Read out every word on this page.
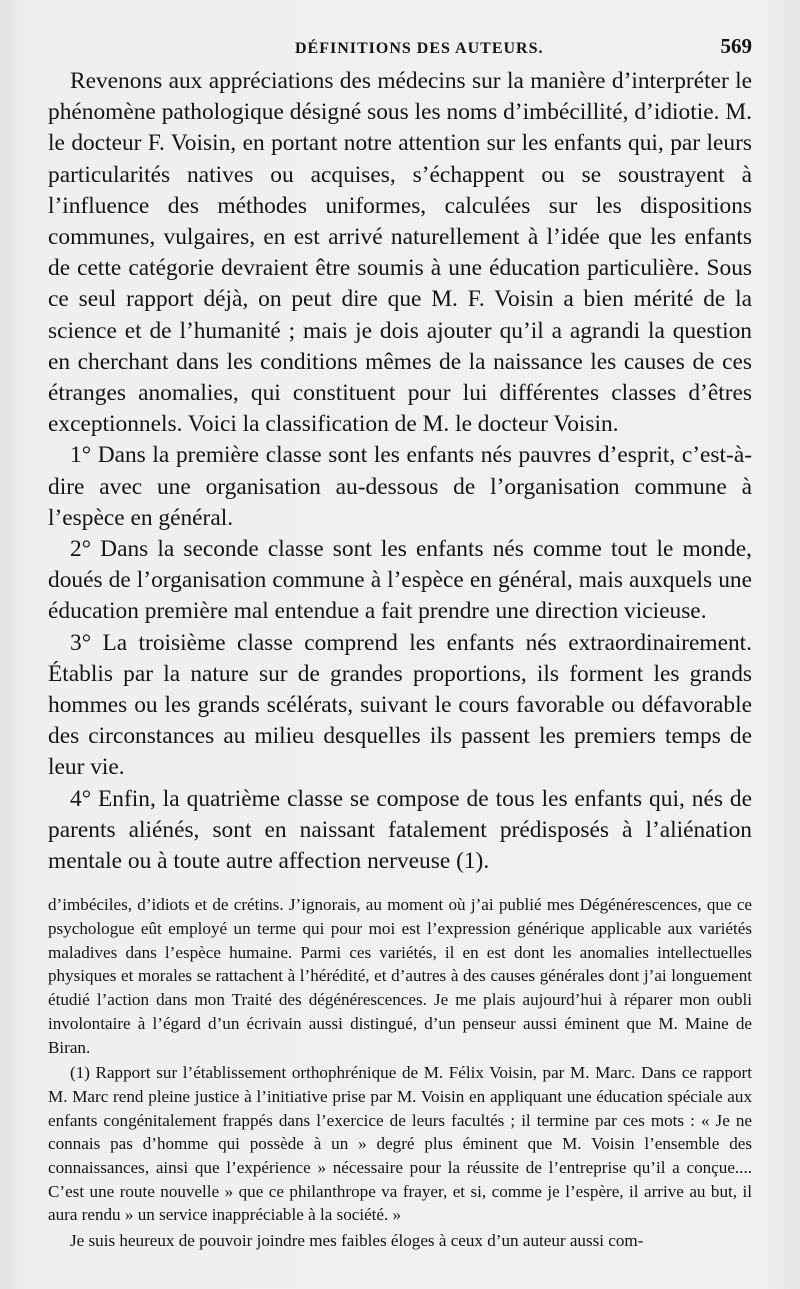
DÉFINITIONS DES AUTEURS.	569

Revenons aux appréciations des médecins sur la manière d’interpréter le phénomène pathologique désigné sous les noms d’imbécillité, d’idiotie. M. le docteur F. Voisin, en portant notre attention sur les enfants qui, par leurs particularités natives ou acquises, s’échappent ou se soustrayent à l’influence des méthodes uniformes, calculées sur les dispositions communes, vulgaires, en est arrivé naturellement à l’idée que les enfants de cette catégorie devraient être soumis à une éducation particulière. Sous ce seul rapport déjà, on peut dire que M. F. Voisin a bien mérité de la science et de l’humanité ; mais je dois ajouter qu’il a agrandi la question en cherchant dans les conditions mêmes de la naissance les causes de ces étranges anomalies, qui constituent pour lui différentes classes d’êtres exceptionnels. Voici la classification de M. le docteur Voisin.

1° Dans la première classe sont les enfants nés pauvres d’esprit, c’est-à-dire avec une organisation au-dessous de l’organisation commune à l’espèce en général.

2° Dans la seconde classe sont les enfants nés comme tout le monde, doués de l’organisation commune à l’espèce en général, mais auxquels une éducation première mal entendue a fait prendre une direction vicieuse.

3° La troisième classe comprend les enfants nés extraordinairement. Établis par la nature sur de grandes proportions, ils forment les grands hommes ou les grands scélérats, suivant le cours favorable ou défavorable des circonstances au milieu desquelles ils passent les premiers temps de leur vie.

4° Enfin, la quatrième classe se compose de tous les enfants qui, nés de parents aliénés, sont en naissant fatalement prédisposés à l’aliénation mentale ou à toute autre affection nerveuse (1).

d’imbéciles, d’idiots et de crétins. J’ignorais, au moment où j’ai publié mes Dégénérescences, que ce psychologue eût employé un terme qui pour moi est l’expression générique applicable aux variétés maladives dans l’espèce humaine. Parmi ces variétés, il en est dont les anomalies intellectuelles physiques et morales se rattachent à l’hérédité, et d’autres à des causes générales dont j’ai longuement étudié l’action dans mon Traité des dégénérescences. Je me plais aujourd’hui à réparer mon oubli involontaire à l’égard d’un écrivain aussi distingué, d’un penseur aussi éminent que M. Maine de Biran.

(1) Rapport sur l’établissement orthophrénique de M. Félix Voisin, par M. Marc. Dans ce rapport M. Marc rend pleine justice à l’initiative prise par M. Voisin en appliquant une éducation spéciale aux enfants congénitalement frappés dans l’exercice de leurs facultés ; il termine par ces mots : « Je ne connais pas d’homme qui possède à un » degré plus éminent que M. Voisin l’ensemble des connaissances, ainsi que l’expérience » nécessaire pour la réussite de l’entreprise qu’il a conçue.... C’est une route nouvelle » que ce philanthrope va frayer, et si, comme je l’espère, il arrive au but, il aura rendu » un service inappréciable à la société. »

Je suis heureux de pouvoir joindre mes faibles éloges à ceux d’un auteur aussi com-
